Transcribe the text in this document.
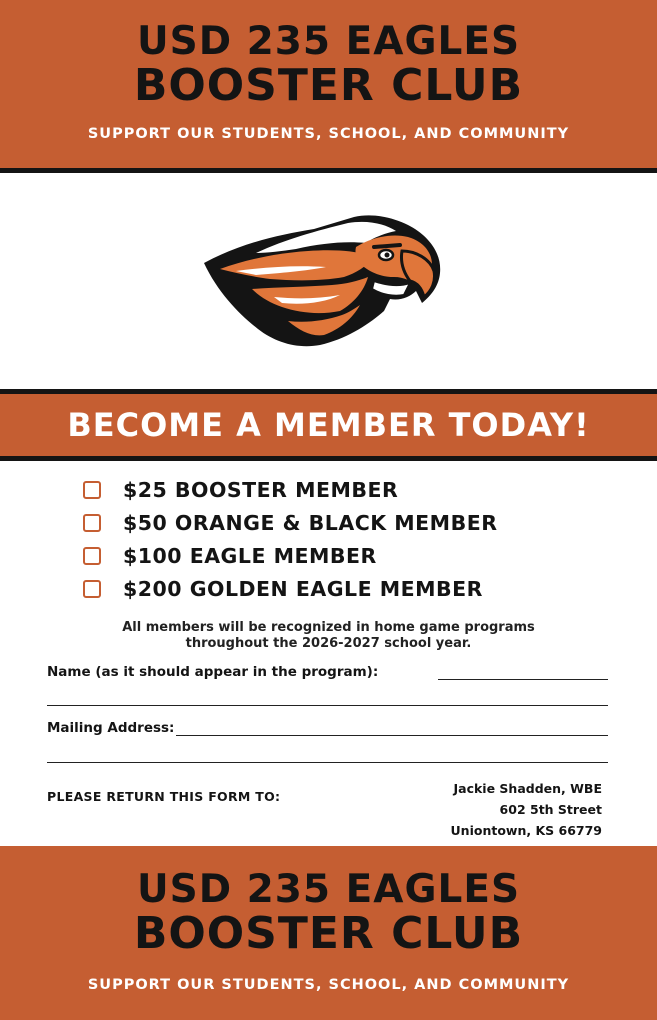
USD 235 EAGLES
BOOSTER CLUB
SUPPORT OUR STUDENTS, SCHOOL, AND COMMUNITY
BECOME A MEMBER TODAY!
$25 BOOSTER MEMBER
$50 ORANGE & BLACK MEMBER
$100 EAGLE MEMBER
$200 GOLDEN EAGLE MEMBER
All members will be recognized in home game programs
throughout the 2026-2027 school year.
Name (as it should appear in the program):
Mailing Address:
PLEASE RETURN THIS FORM TO:
Jackie Shadden, WBE
602 5th Street
Uniontown, KS 66779
USD 235 EAGLES
BOOSTER CLUB
SUPPORT OUR STUDENTS, SCHOOL, AND COMMUNITY
